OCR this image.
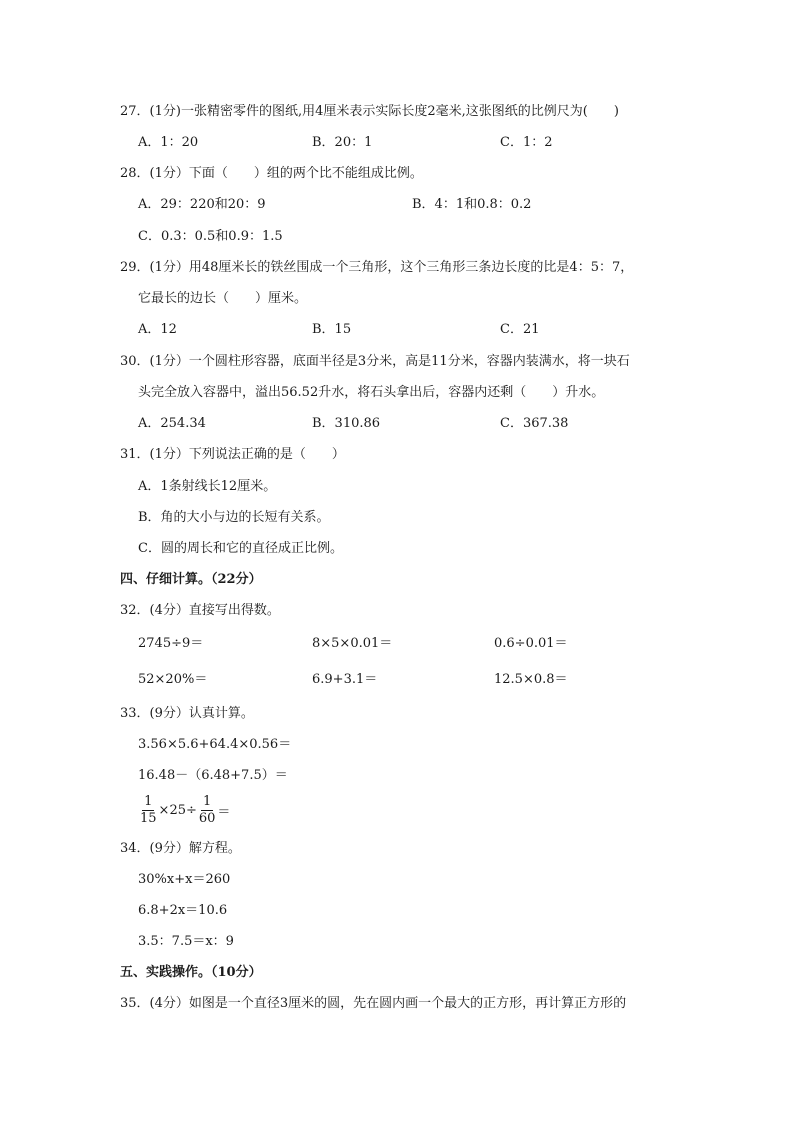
27．(1分)一张精密零件的图纸,用4厘米表示实际长度2毫米,这张图纸的比例尺为(　　)
A．1：20	B．20：1	C．1：2
28．(1分）下面（　　）组的两个比不能组成比例。
A．29：220和20：9	B．4：1和0.8：0.2
C．0.3：0.5和0.9：1.5
29．(1分）用48厘米长的铁丝围成一个三角形，这个三角形三条边长度的比是4：5：7，
它最长的边长（　　）厘米。
A．12	B．15	C．21
30．(1分）一个圆柱形容器，底面半径是3分米，高是11分米，容器内装满水，将一块石
头完全放入容器中，溢出56.52升水，将石头拿出后，容器内还剩（　　）升水。
A．254.34	B．310.86	C．367.38
31．(1分）下列说法正确的是（　　）
A．1条射线长12厘米。
B．角的大小与边的长短有关系。
C．圆的周长和它的直径成正比例。
四、仔细计算。（22分）
32．(4分）直接写出得数。
2745÷9＝	8×5×0.01＝	0.6÷0.01＝
52×20%＝	6.9+3.1＝	12.5×0.8＝
33．(9分）认真计算。
3.56×5.6+64.4×0.56＝
16.48－（6.48+7.5）＝
$\frac{1}{15} \times 25\div \frac{1}{60}$ ＝
34．(9分）解方程。
30%x+x＝260
6.8+2x＝10.6
3.5：7.5＝x：9
五、实践操作。（10分）
35．(4分）如图是一个直径3厘米的圆，先在圆内画一个最大的正方形，再计算正方形的
